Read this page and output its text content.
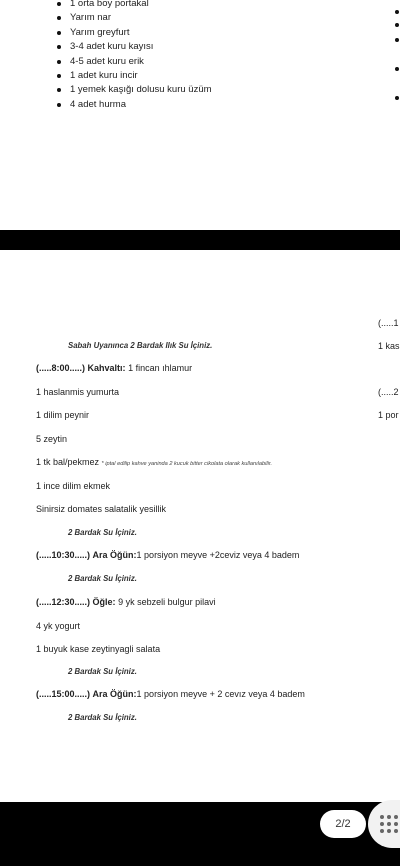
1 orta boy portakal
Yarım nar
Yarım greyfurt
3-4 adet kuru kayısı
4-5 adet kuru erik
1 adet kuru incir
1 yemek kaşığı dolusu kuru üzüm
4 adet hurma
(.....1
Sabah Uyanınca 2 Bardak Ilık Su İçiniz.	1 kas
(.....8:00.....) Kahvaltı: 1 fincan ıhlamur
1 haslanmis yumurta	(.....2
1 dilim peynir	1 por
5 zeytin
1 tk bal/pekmez * iptal edilip kahve yaninda 2 kucuk bitter cikolata olarak kullanılabilir.
1 ince dilim ekmek
Sinirsiz domates salatalik yesillik
2 Bardak Su İçiniz.
(.....10:30.....) Ara Öğün:1 porsiyon meyve +2ceviz veya 4 badem
2 Bardak Su İçiniz.
(.....12:30.....) Öğle: 9 yk sebzeli bulgur pilavi
4 yk yogurt
1 buyuk kase zeytinyagli salata
2 Bardak Su İçiniz.
(.....15:00.....) Ara Öğün:1 porsiyon meyve + 2 cevız veya 4 badem
2 Bardak Su İçiniz.
2/2
